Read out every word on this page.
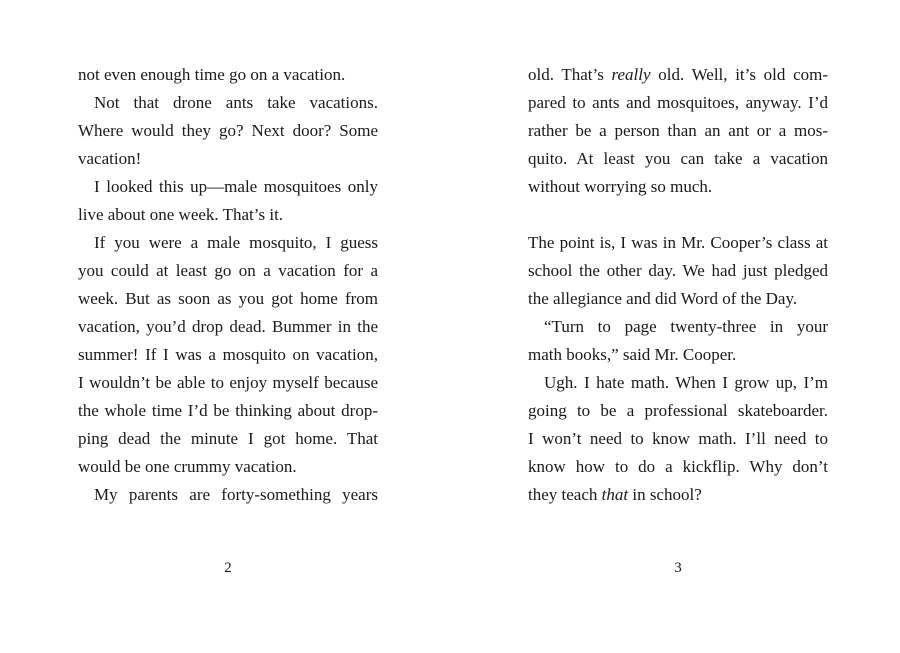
not even enough time go on a vacation.
Not that drone ants take vacations.
Where would they go? Next door? Some
vacation!
I looked this up—male mosquitoes only
live about one week. That’s it.
If you were a male mosquito, I guess
you could at least go on a vacation for a
week. But as soon as you got home from
vacation, you’d drop dead. Bummer in the
summer! If I was a mosquito on vacation,
I wouldn’t be able to enjoy myself because
the whole time I’d be thinking about drop-
ping dead the minute I got home. That
would be one crummy vacation.
My parents are forty-something years
2
old. That’s really old. Well, it’s old com-
pared to ants and mosquitoes, anyway. I’d
rather be a person than an ant or a mos-
quito. At least you can take a vacation
without worrying so much.
The point is, I was in Mr. Cooper’s class at
school the other day. We had just pledged
the allegiance and did Word of the Day.
“Turn to page twenty-three in your
math books,” said Mr. Cooper.
Ugh. I hate math. When I grow up, I’m
going to be a professional skateboarder.
I won’t need to know math. I’ll need to
know how to do a kickflip. Why don’t
they teach that in school?
3
